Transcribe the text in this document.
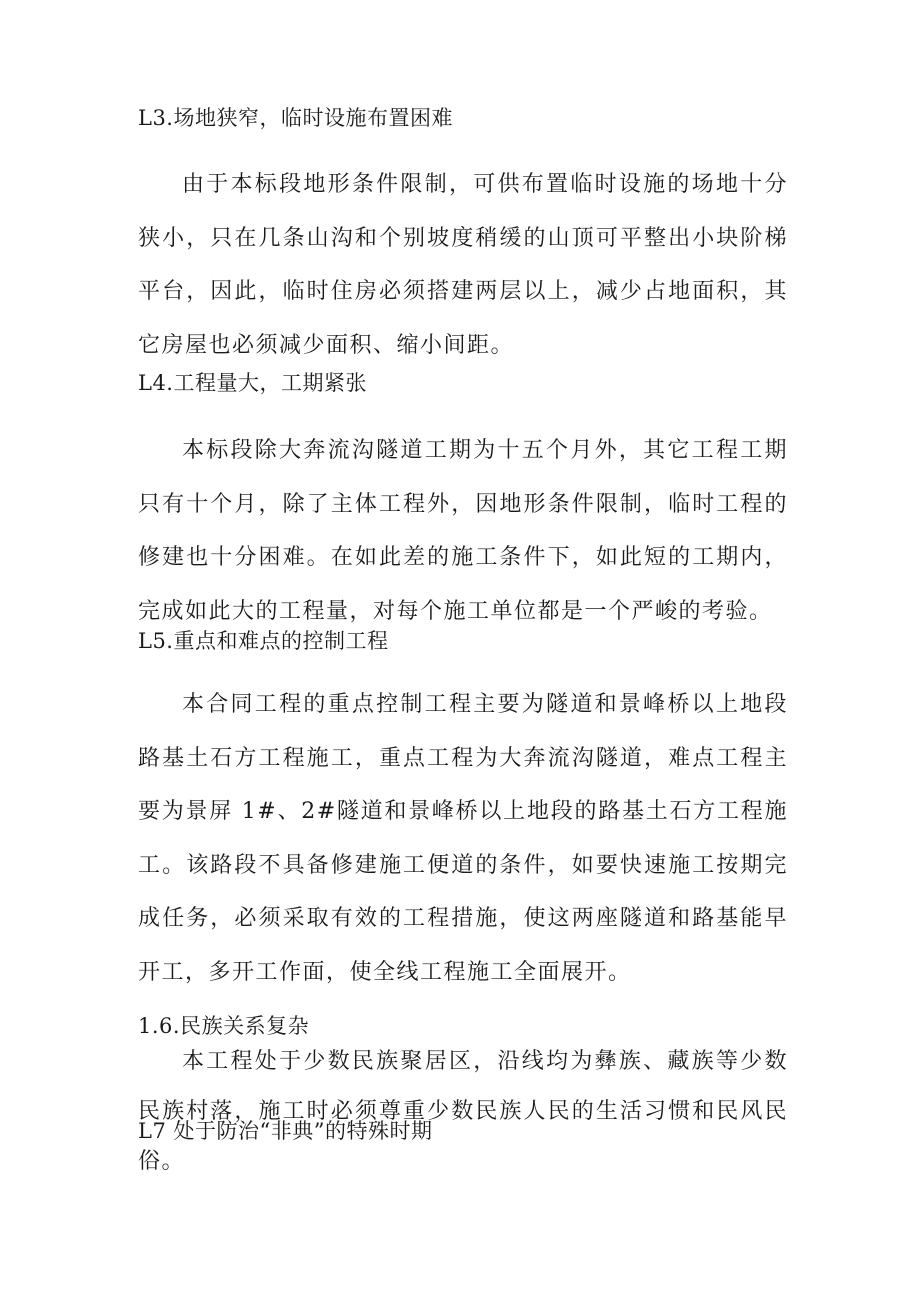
L3.场地狭窄，临时设施布置困难
由于本标段地形条件限制，可供布置临时设施的场地十分狭小，只在几条山沟和个别坡度稍缓的山顶可平整出小块阶梯平台，因此，临时住房必须搭建两层以上，减少占地面积，其它房屋也必须减少面积、缩小间距。
L4.工程量大，工期紧张
本标段除大奔流沟隧道工期为十五个月外，其它工程工期只有十个月，除了主体工程外，因地形条件限制，临时工程的修建也十分困难。在如此差的施工条件下，如此短的工期内，完成如此大的工程量，对每个施工单位都是一个严峻的考验。
L5.重点和难点的控制工程
本合同工程的重点控制工程主要为隧道和景峰桥以上地段路基土石方工程施工，重点工程为大奔流沟隧道，难点工程主要为景屏 1#、2#隧道和景峰桥以上地段的路基土石方工程施工。该路段不具备修建施工便道的条件，如要快速施工按期完成任务，必须采取有效的工程措施，使这两座隧道和路基能早开工，多开工作面，使全线工程施工全面展开。
1.6.民族关系复杂
本工程处于少数民族聚居区，沿线均为彝族、藏族等少数民族村落，施工时必须尊重少数民族人民的生活习惯和民风民俗。
L7 处于防治“非典”的特殊时期
